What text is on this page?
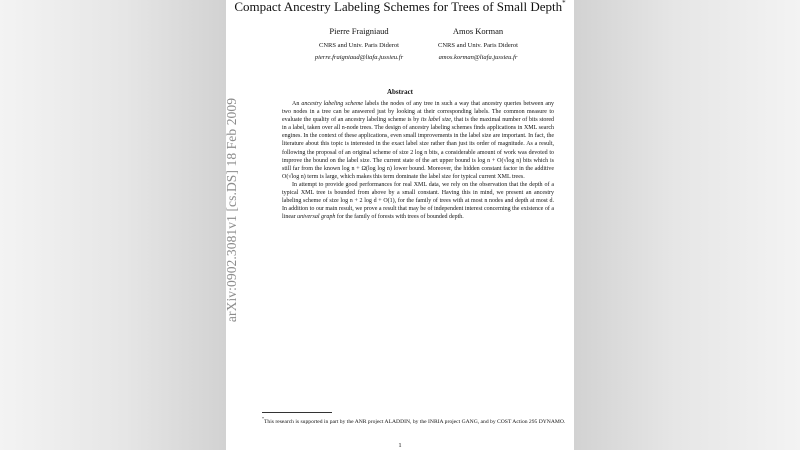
arXiv:0902.3081v1 [cs.DS] 18 Feb 2009
Compact Ancestry Labeling Schemes for Trees of Small Depth*
Pierre Fraigniaud
CNRS and Univ. Paris Diderot
pierre.fraigniaud@liafa.jussieu.fr
Amos Korman
CNRS and Univ. Paris Diderot
amos.korman@liafa.jussieu.fr
Abstract

An ancestry labeling scheme labels the nodes of any tree in such a way that ancestry queries between any two nodes in a tree can be answered just by looking at their corresponding labels. The common measure to evaluate the quality of an ancestry labeling scheme is by its label size, that is the maximal number of bits stored in a label, taken over all n-node trees. The design of ancestry labeling schemes finds applications in XML search engines. In the context of these applications, even small improvements in the label size are important. In fact, the literature about this topic is interested in the exact label size rather than just its order of magnitude. As a result, following the proposal of an original scheme of size 2 log n bits, a considerable amount of work was devoted to improve the bound on the label size. The current state of the art upper bound is log n + O(√log n) bits which is still far from the known log n + Ω(log log n) lower bound. Moreover, the hidden constant factor in the additive O(√log n) term is large, which makes this term dominate the label size for typical current XML trees.

In attempt to provide good performances for real XML data, we rely on the observation that the depth of a typical XML tree is bounded from above by a small constant. Having this in mind, we present an ancestry labeling scheme of size log n + 2 log d + O(1), for the family of trees with at most n nodes and depth at most d. In addition to our main result, we prove a result that may be of independent interest concerning the existence of a linear universal graph for the family of forests with trees of bounded depth.

*This research is supported in part by the ANR project ALADDIN, by the INRIA project GANG, and by COST Action 295 DYNAMO.
1
